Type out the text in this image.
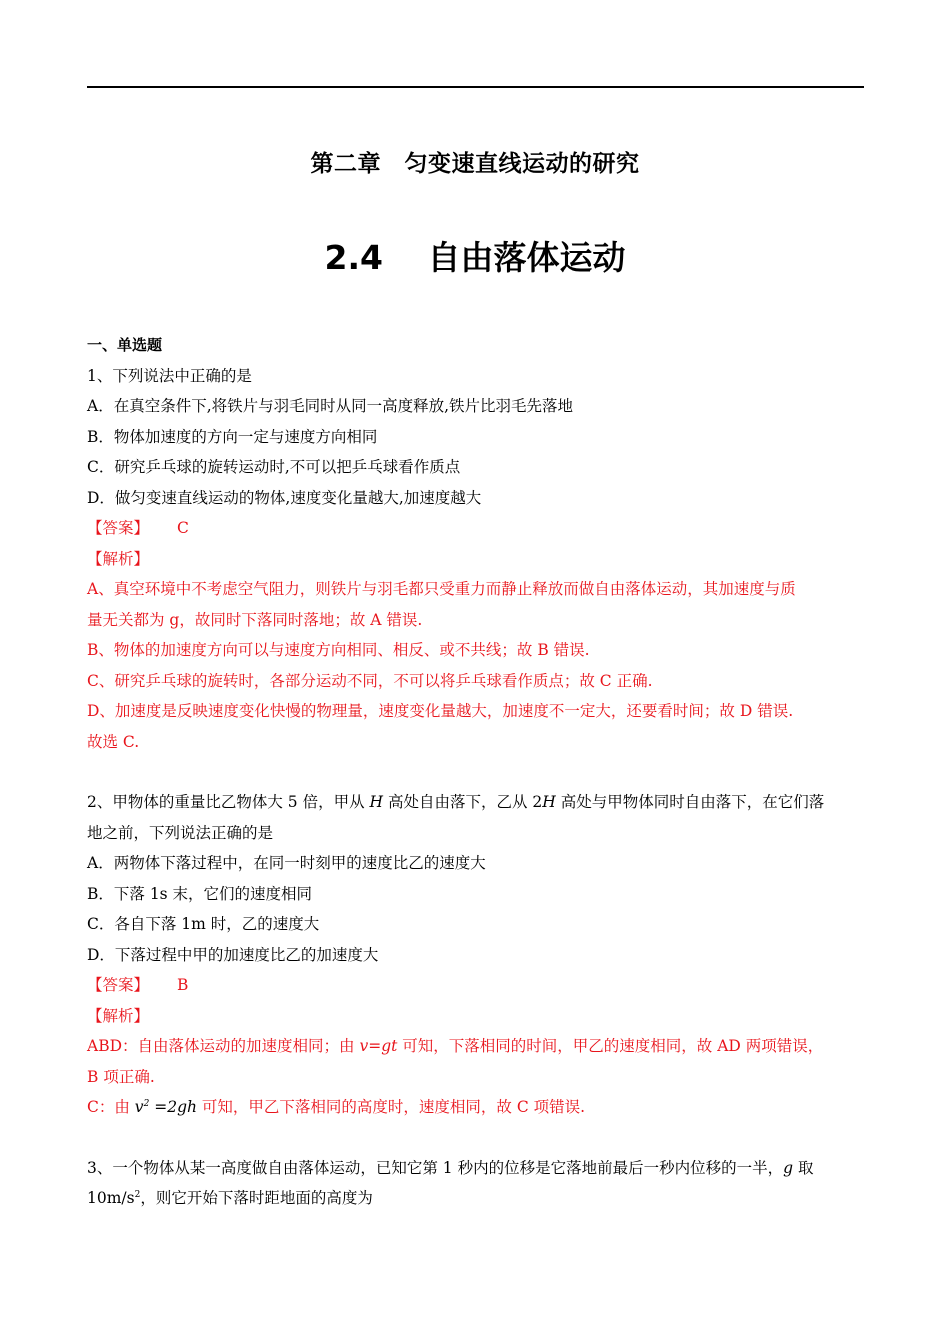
第二章　匀变速直线运动的研究
2.4　 自由落体运动
一、单选题
1、下列说法中正确的是
A．在真空条件下,将铁片与羽毛同时从同一高度释放,铁片比羽毛先落地
B．物体加速度的方向一定与速度方向相同
C．研究乒乓球的旋转运动时,不可以把乒乓球看作质点
D．做匀变速直线运动的物体,速度变化量越大,加速度越大
【答案】 C
【解析】
A、真空环境中不考虑空气阻力，则铁片与羽毛都只受重力而静止释放而做自由落体运动，其加速度与质
量无关都为 g，故同时下落同时落地；故 A 错误.
B、物体的加速度方向可以与速度方向相同、相反、或不共线；故 B 错误.
C、研究乒乓球的旋转时，各部分运动不同，不可以将乒乓球看作质点；故 C 正确.
D、加速度是反映速度变化快慢的物理量，速度变化量越大，加速度不一定大，还要看时间；故 D 错误.
故选 C.
2、甲物体的重量比乙物体大 5 倍，甲从 H 高处自由落下，乙从 2H 高处与甲物体同时自由落下，在它们落
地之前，下列说法正确的是
A．两物体下落过程中，在同一时刻甲的速度比乙的速度大
B．下落 1s 末，它们的速度相同
C．各自下落 1m 时，乙的速度大
D．下落过程中甲的加速度比乙的加速度大
【答案】 B
【解析】
ABD：自由落体运动的加速度相同；由 v=gt 可知，下落相同的时间，甲乙的速度相同，故 AD 两项错误，
B 项正确.
C：由 $v^2 =2gh$ 可知，甲乙下落相同的高度时，速度相同，故 C 项错误.
3、一个物体从某一高度做自由落体运动，已知它第 1 秒内的位移是它落地前最后一秒内位移的一半，g 取
$10m/s^2$，则它开始下落时距地面的高度为
